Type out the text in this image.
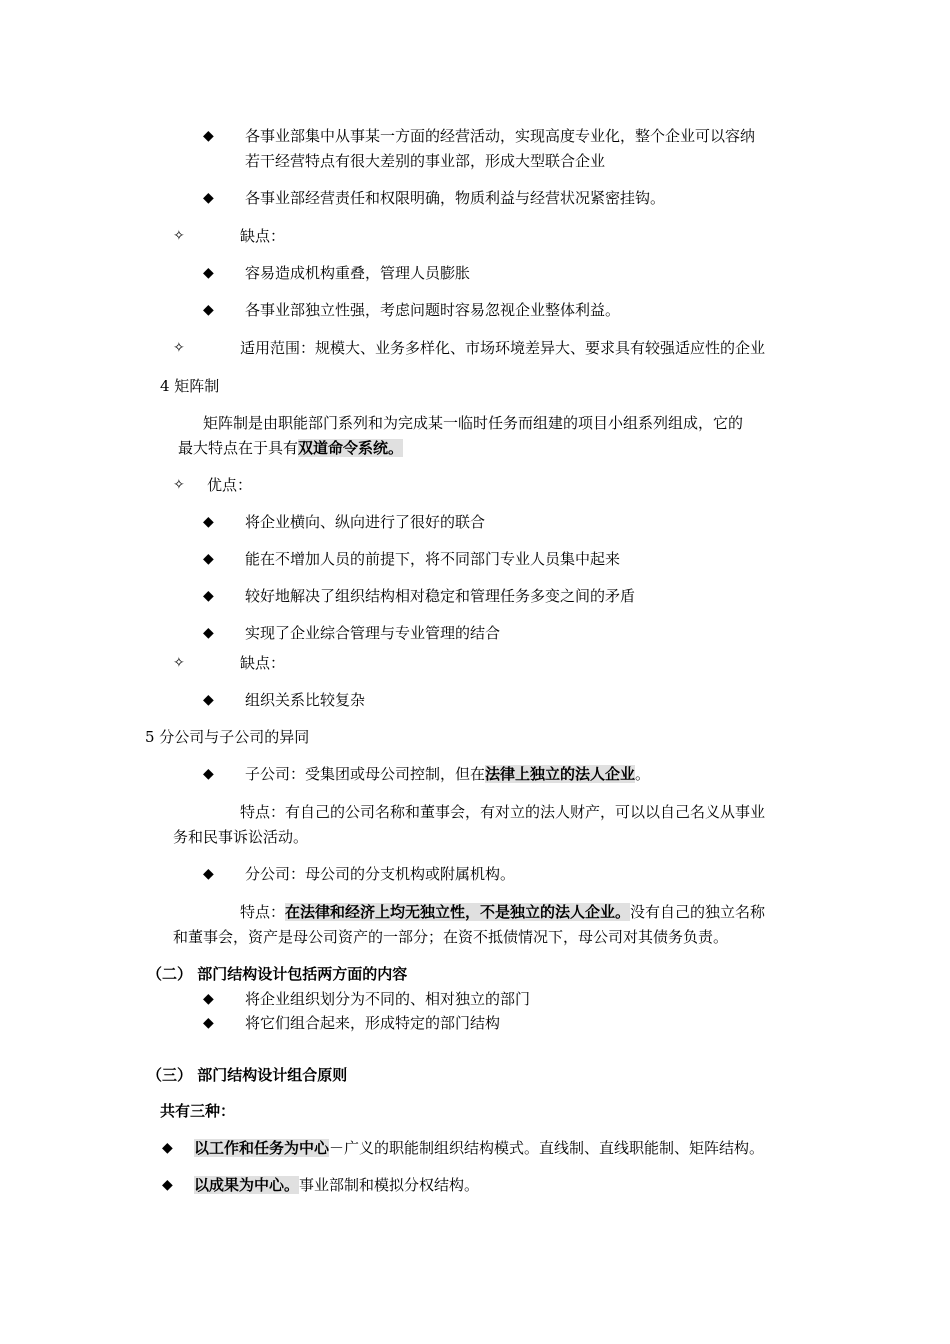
◆ 各事业部集中从事某一方面的经营活动，实现高度专业化，整个企业可以容纳
若干经营特点有很大差别的事业部，形成大型联合企业
◆ 各事业部经营责任和权限明确，物质利益与经营状况紧密挂钩。
✧	缺点：
◆ 容易造成机构重叠，管理人员膨胀
◆ 各事业部独立性强，考虑问题时容易忽视企业整体利益。
✧	适用范围：规模大、业务多样化、市场环境差异大、要求具有较强适应性的企业
4 矩阵制
矩阵制是由职能部门系列和为完成某一临时任务而组建的项目小组系列组成，它的
最大特点在于具有双道命令系统。
✧ 优点：
◆ 将企业横向、纵向进行了很好的联合
◆ 能在不增加人员的前提下，将不同部门专业人员集中起来
◆ 较好地解决了组织结构相对稳定和管理任务多变之间的矛盾
◆ 实现了企业综合管理与专业管理的结合
✧	缺点：
◆ 组织关系比较复杂
5 分公司与子公司的异同
◆ 子公司：受集团或母公司控制，但在法律上独立的法人企业。
特点：有自己的公司名称和董事会，有对立的法人财产，可以以自己名义从事业
务和民事诉讼活动。
◆ 分公司：母公司的分支机构或附属机构。
特点：在法律和经济上均无独立性，不是独立的法人企业。没有自己的独立名称
和董事会，资产是母公司资产的一部分；在资不抵债情况下，母公司对其债务负责。
（二） 部门结构设计包括两方面的内容
◆ 将企业组织划分为不同的、相对独立的部门
◆ 将它们组合起来，形成特定的部门结构
（三） 部门结构设计组合原则
共有三种：
◆ 以工作和任务为中心－广义的职能制组织结构模式。直线制、直线职能制、矩阵结构。
◆ 以成果为中心。事业部制和模拟分权结构。
